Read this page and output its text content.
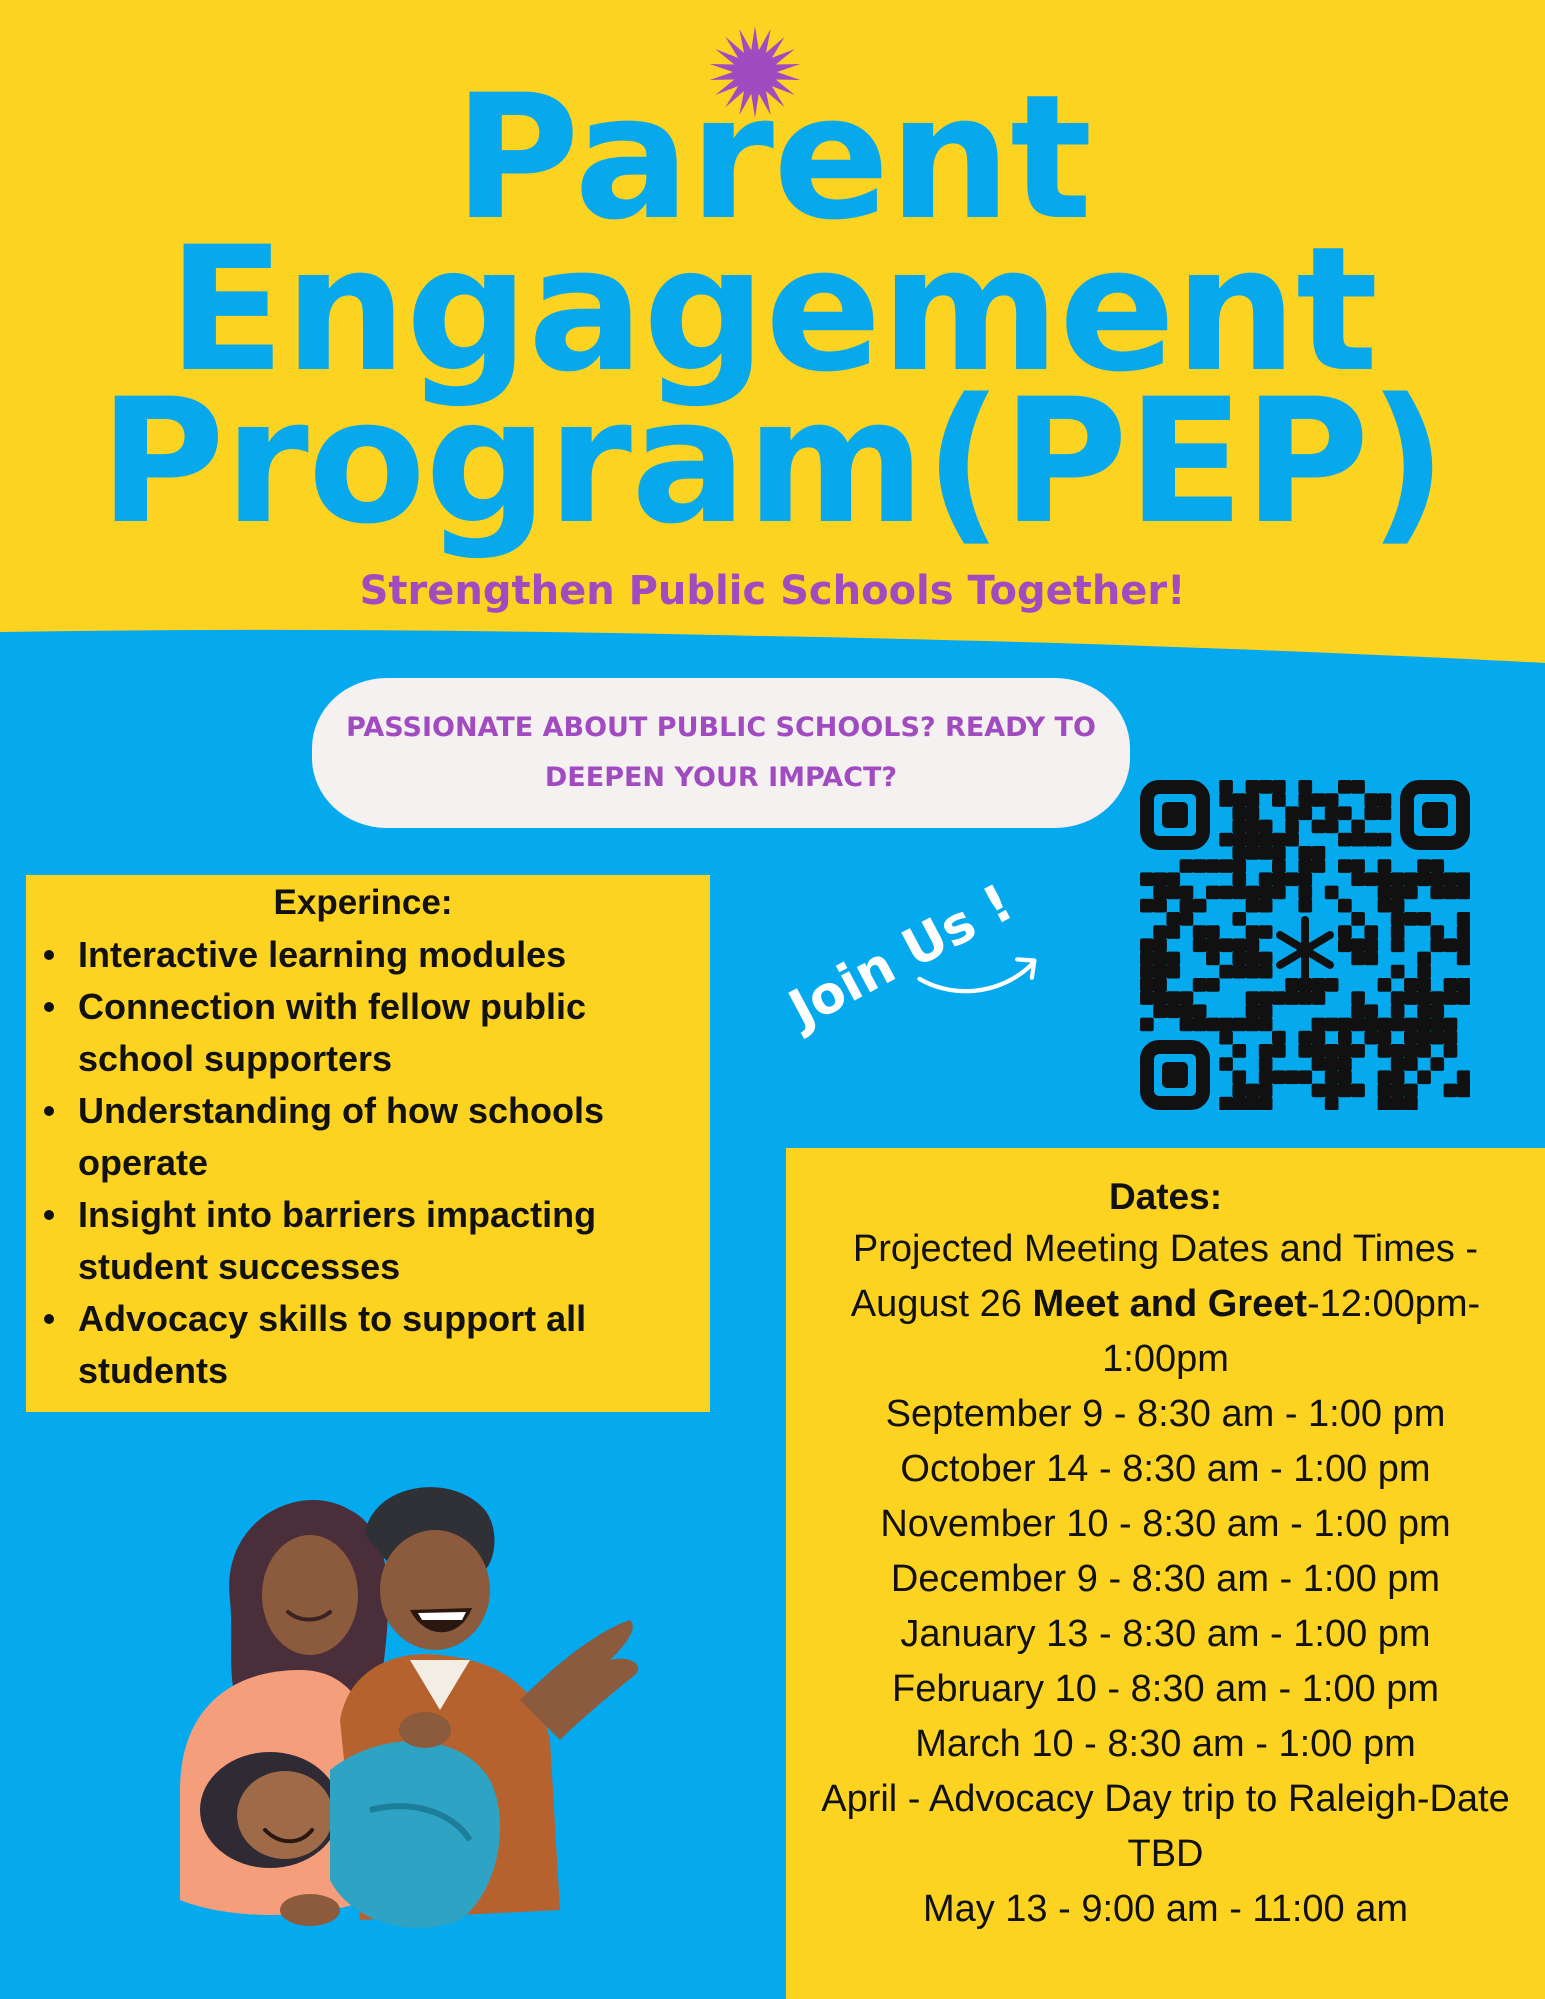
Parent
Engagement
Program(PEP)
Strengthen Public Schools Together!
PASSIONATE ABOUT PUBLIC SCHOOLS? READY TO DEEPEN YOUR IMPACT?
Experince:
Interactive learning modules
Connection with fellow public school supporters
Understanding of how schools operate
Insight into barriers impacting student successes
Advocacy skills to support all students
Join Us !
Dates:
Projected Meeting Dates and Times -
August 26 Meet and Greet-12:00pm-1:00pm
September 9 - 8:30 am - 1:00 pm
October 14 - 8:30 am - 1:00 pm
November 10 - 8:30 am - 1:00 pm
December 9 - 8:30 am - 1:00 pm
January 13 - 8:30 am - 1:00 pm
February 10 - 8:30 am - 1:00 pm
March 10 - 8:30 am - 1:00 pm
April - Advocacy Day trip to Raleigh-Date TBD
May 13 - 9:00 am - 11:00 am
